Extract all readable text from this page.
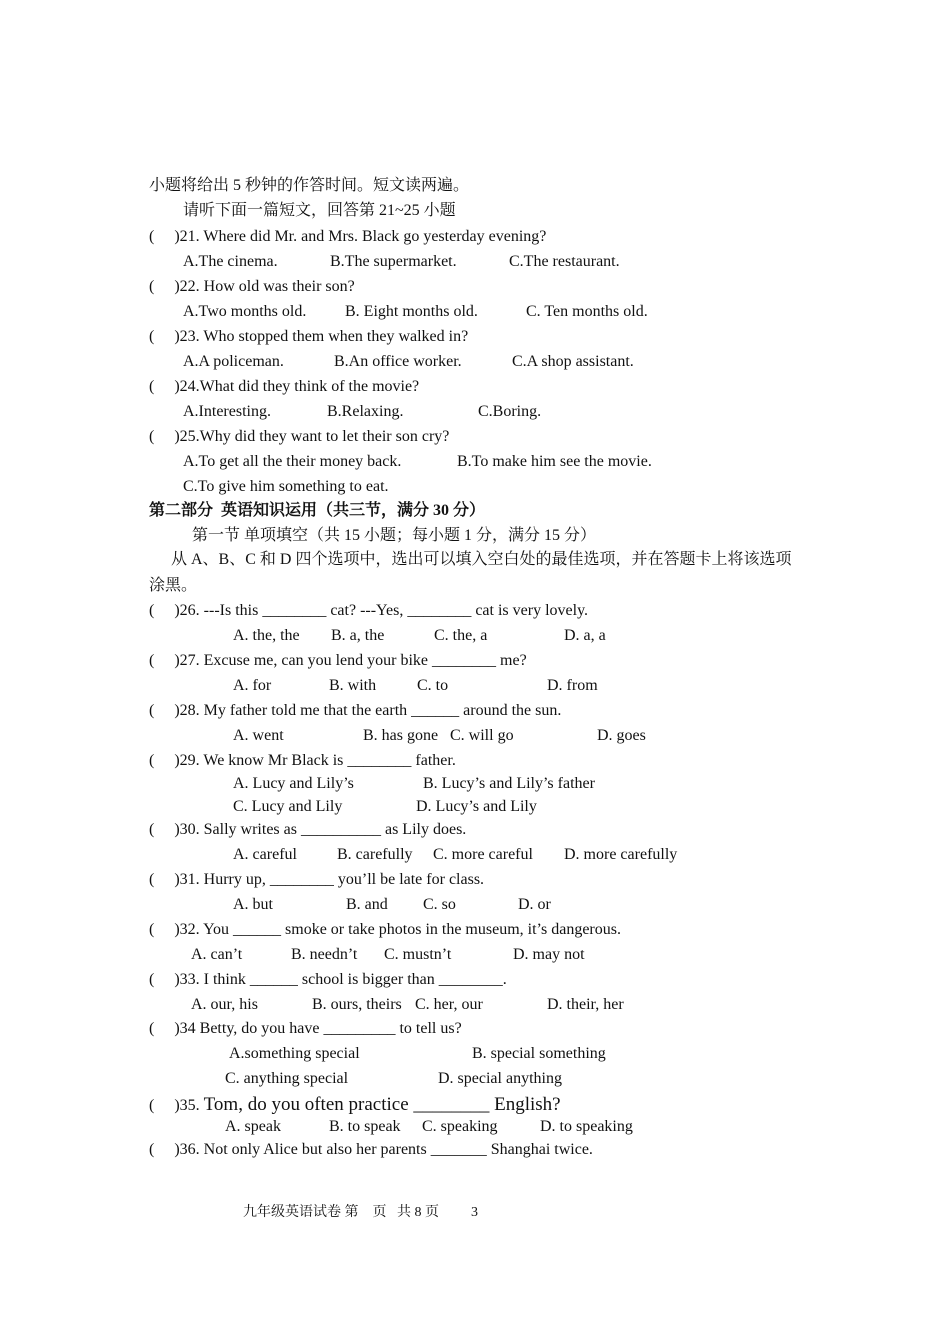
小题将给出 5 秒钟的作答时间。短文读两遍。
请听下面一篇短文，回答第 21~25 小题
(     )21. Where did Mr. and Mrs. Black go yesterday evening?
A.The cinema.	B.The supermarket.	C.The restaurant.
(     )22. How old was their son?
A.Two months old. B. Eight months old.	C. Ten months old.
(     )23. Who stopped them when they walked in?
A.A policeman.	B.An office worker.	C.A shop assistant.
(     )24.What did they think of the movie?
A.Interesting.	B.Relaxing.	C.Boring.
(     )25.Why did they want to let their son cry?
A.To get all the their money back.	B.To make him see the movie.
C.To give him something to eat.
第二部分  英语知识运用（共三节，满分 30 分）
第一节 单项填空（共 15 小题；每小题 1 分，满分 15 分）
从 A、B、C 和 D 四个选项中，选出可以填入空白处的最佳选项，并在答题卡上将该选项
涂黑。
(     )26. ---Is this ________ cat? ---Yes, ________ cat is very lovely.
A. the, the B. a, the	C. the, a	D. a, a
(     )27. Excuse me, can you lend your bike ________ me?
A. for	B. with	C. to	D. from
(     )28. My father told me that the earth ______ around the sun.
A. went	B. has gone C. will go	D. goes
(     )29. We know Mr Black is ________ father.
A. Lucy and Lily’s	B. Lucy’s and Lily’s father
C. Lucy and Lily	D. Lucy’s and Lily
(     )30. Sally writes as __________ as Lily does.
A. careful	B. carefully C. more careful D. more carefully
(     )31. Hurry up, ________ you’ll be late for class.
A. but	B. and C. so	D. or
(     )32. You ______ smoke or take photos in the museum, it’s dangerous.
A. can’t	B. needn’t C. mustn’t	D. may not
(     )33. I think ______ school is bigger than ________.
A. our, his	B. ours, theirs C. her, our	D. their, her
(     )34 Betty, do you have _________ to tell us?
A.something special	B. special something
C. anything special	D. special anything
(     )35. Tom, do you often practice ________ English?
A. speak	B. to speak C. speaking	D. to speaking
(     )36. Not only Alice but also her parents _______ Shanghai twice.
九年级英语试卷 第    页   共 8 页 3
